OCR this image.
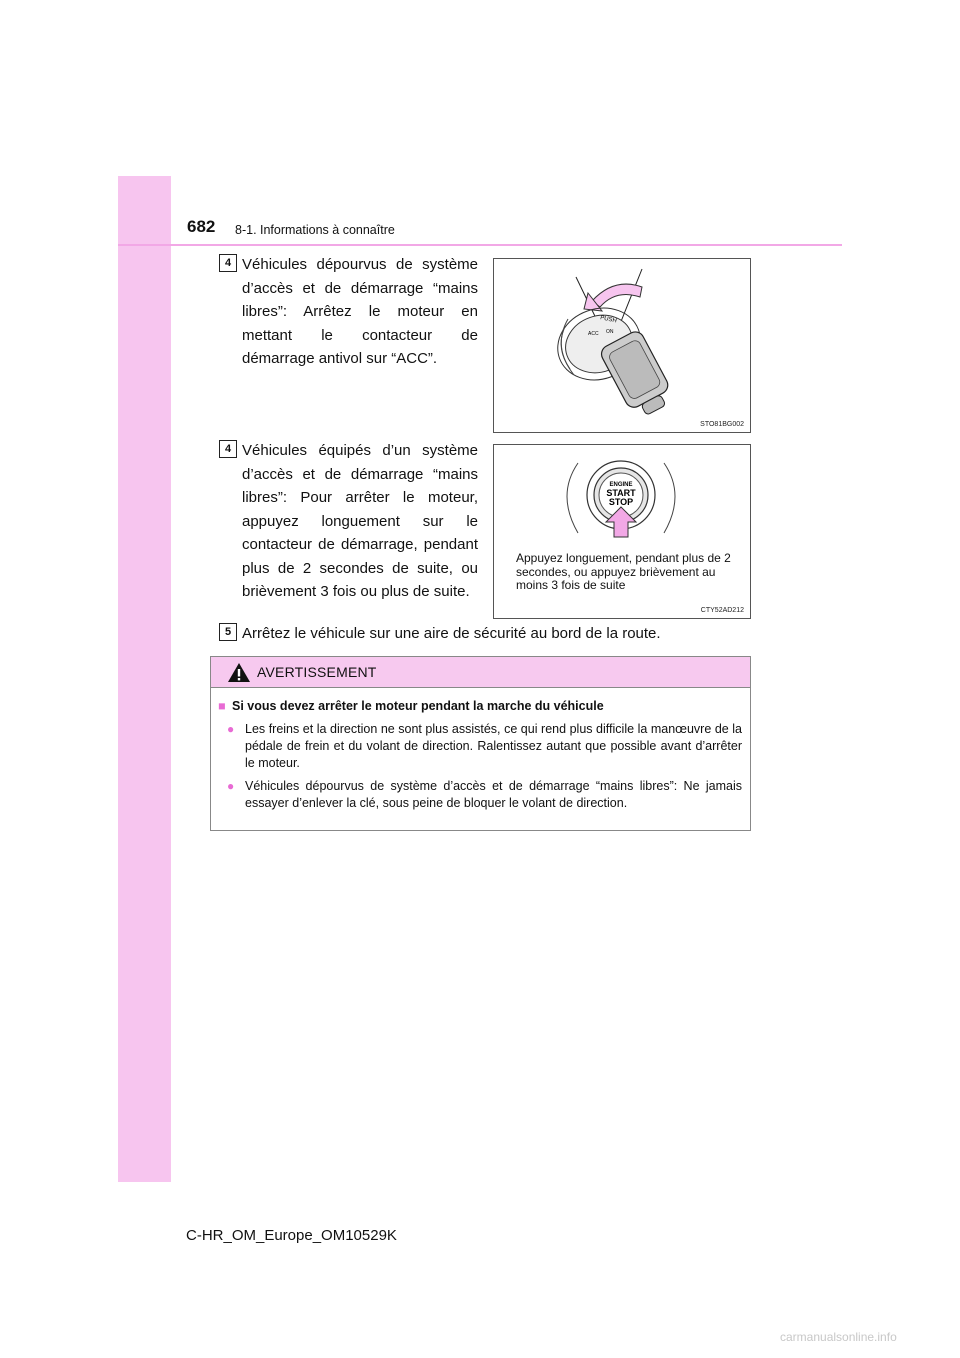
682 8-1. Informations à connaître
4 Véhicules dépourvus de système d’accès et de démarrage “mains libres”: Arrêtez le moteur en mettant le contacteur de démarrage antivol sur “ACC”.
PUSH
ACC ON
STO81BG002
4 Véhicules équipés d’un système d’accès et de démarrage “mains libres”: Pour arrêter le moteur, appuyez longuement sur le contacteur de démarrage, pendant plus de 2 secondes de suite, ou brièvement 3 fois ou plus de suite.
ENGINE
START
STOP
Appuyez longuement, pendant plus de 2 secondes, ou appuyez brièvement au moins 3 fois de suite
CTY52AD212
5 Arrêtez le véhicule sur une aire de sécurité au bord de la route.
AVERTISSEMENT
■ Si vous devez arrêter le moteur pendant la marche du véhicule
● Les freins et la direction ne sont plus assistés, ce qui rend plus difficile la manœuvre de la pédale de frein et du volant de direction. Ralentissez autant que possible avant d’arrêter le moteur.
● Véhicules dépourvus de système d’accès et de démarrage “mains libres”: Ne jamais essayer d’enlever la clé, sous peine de bloquer le volant de direction.
C-HR_OM_Europe_OM10529K
carmanualsonline.info
